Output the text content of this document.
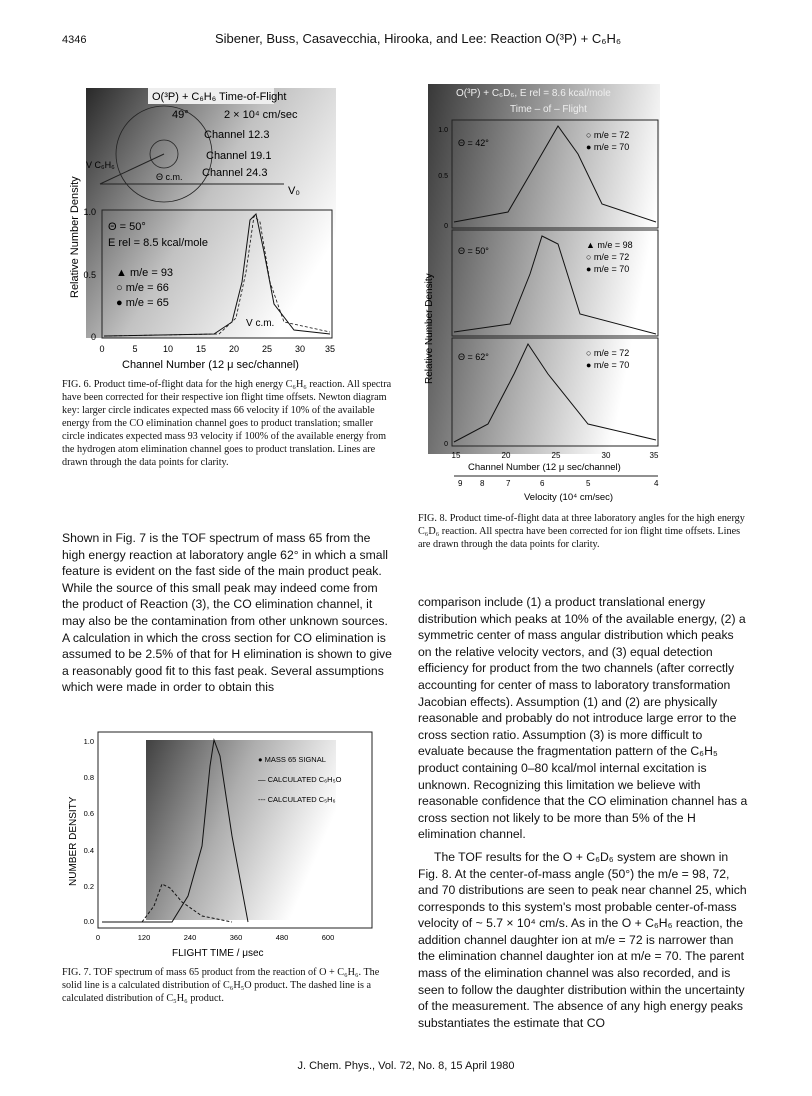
4346	Sibener, Buss, Casavecchia, Hirooka, and Lee: Reaction O(³P) + C₆H₆
O(³P) + C₆H₆ Time-of-Flight
49°	2 × 10⁴ cm/sec
Channel 12.3
Channel 19.1
Channel 24.3
V C₆H₆
Θ c.m.
V₀
Θ = 50°
E rel = 8.5 kcal/mole
▲ m/e = 93
○ m/e = 66
● m/e = 65
V c.m.
1.0
0.5
0
0	5	10	15	20	25	30 35
Channel Number (12 μ sec/channel)
Relative Number Density
FIG. 6. Product time-of-flight data for the high energy C₆H₆ reaction. All spectra have been corrected for their respective ion flight time offsets. Newton diagram key: larger circle indicates expected mass 66 velocity if 10% of the available energy from the CO elimination channel goes to product translation; smaller circle indicates expected mass 93 velocity if 100% of the available energy from the hydrogen atom elimination channel goes to product translation. Lines are drawn through the data points for clarity.

Shown in Fig. 7 is the TOF spectrum of mass 65 from the high energy reaction at laboratory angle 62° in which a small feature is evident on the fast side of the main product peak. While the source of this small peak may indeed come from the product of Reaction (3), the CO elimination channel, it may also be the contamination from other unknown sources. A calculation in which the cross section for CO elimination is assumed to be 2.5% of that for H elimination is shown to give a reasonably good fit to this fast peak. Several assumptions which were made in order to obtain this

● MASS 65 SIGNAL
— CALCULATED C₆H₅O
--- CALCULATED C₅H₆
1.0
0.8
0.6
0.4
0.2
0.0
0	120	240	360	480	600
FLIGHT TIME / μsec
NUMBER DENSITY
FIG. 7. TOF spectrum of mass 65 product from the reaction of O + C₆H₆. The solid line is a calculated distribution of C₆H₅O product. The dashed line is a calculated distribution of C₅H₆ product.
O(³P) + C₆D₆, E rel = 8.6 kcal/mole
Time – of – Flight
Θ = 42°
○ m/e = 72
● m/e = 70
Θ = 50°
▲ m/e = 98
○ m/e = 72
● m/e = 70
Θ = 62°	○ m/e = 72
● m/e = 70
1.0
0.5
0
0
15	20	25	30	35
Channel Number (12 μ sec/channel)
9 8	7	6	5	4
Velocity (10⁴ cm/sec)
Relative Number Density
FIG. 8. Product time-of-flight data at three laboratory angles for the high energy C₆D₆ reaction. All spectra have been corrected for ion flight time offsets. Lines are drawn through the data points for clarity.

comparison include (1) a product translational energy distribution which peaks at 10% of the available energy, (2) a symmetric center of mass angular distribution which peaks on the relative velocity vectors, and (3) equal detection efficiency for product from the two channels (after correctly accounting for center of mass to laboratory transformation Jacobian effects). Assumption (1) and (2) are physically reasonable and probably do not introduce large error to the cross section ratio. Assumption (3) is more difficult to evaluate because the fragmentation pattern of the C₆H₅ product containing 0–80 kcal/mol internal excitation is unknown. Recognizing this limitation we believe with reasonable confidence that the CO elimination channel has a cross section not likely to be more than 5% of the H elimination channel.

The TOF results for the O + C₆D₆ system are shown in Fig. 8. At the center-of-mass angle (50°) the m/e = 98, 72, and 70 distributions are seen to peak near channel 25, which corresponds to this system's most probable center-of-mass velocity of ~ 5.7 × 10⁴ cm/s. As in the O + C₆H₆ reaction, the addition channel daughter ion at m/e = 72 is narrower than the elimination channel daughter ion at m/e = 70. The parent mass of the elimination channel was also recorded, and is seen to follow the daughter distribution within the uncertainty of the measurement. The absence of any high energy peaks substantiates the estimate that CO

J. Chem. Phys., Vol. 72, No. 8, 15 April 1980
